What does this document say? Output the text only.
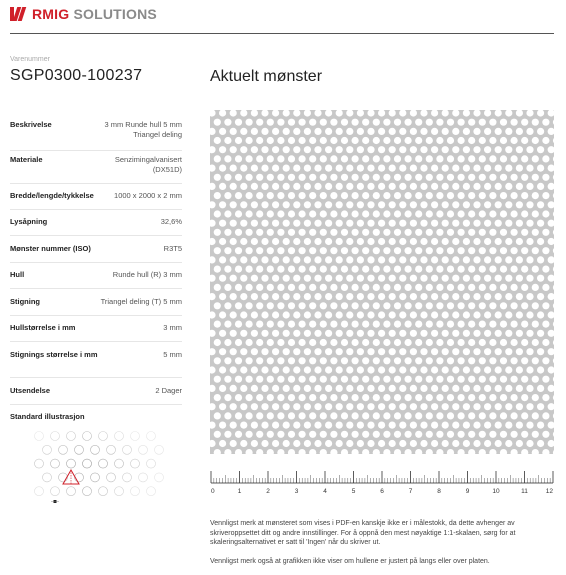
RMIG SOLUTIONS
Varenummer
SGP0300-100237	Aktuelt mønster
Beskrivelse	3 mm Runde hull 5 mm Triangel deling
Materiale	Senzimingalvanisert (DX51D)
Bredde/lengde/tykkelse	1000 x 2000 x 2 mm
Lysåpning	32,6%
Mønster nummer (ISO)	R3T5
Hull	Runde hull (R) 3 mm
Stigning	Triangel deling (T) 5 mm
Hullstørrelse i mm	3 mm
Stignings størrelse i mm	5 mm
Utsendelse	2 Dager
Standard illustrasjon
0	1	2	3	4	5	6	7	8	9	10	11	12
Vennligst merk at mønsteret som vises i PDF-en kanskje ikke er i målestokk, da dette avhenger av skriveroppsettet ditt og andre innstillinger. For å oppnå den mest nøyaktige 1:1-skalaen, sørg for at skaleringsalternativet er satt til 'Ingen' når du skriver ut.
Vennligst merk også at grafikken ikke viser om hullene er justert på langs eller over platen.
